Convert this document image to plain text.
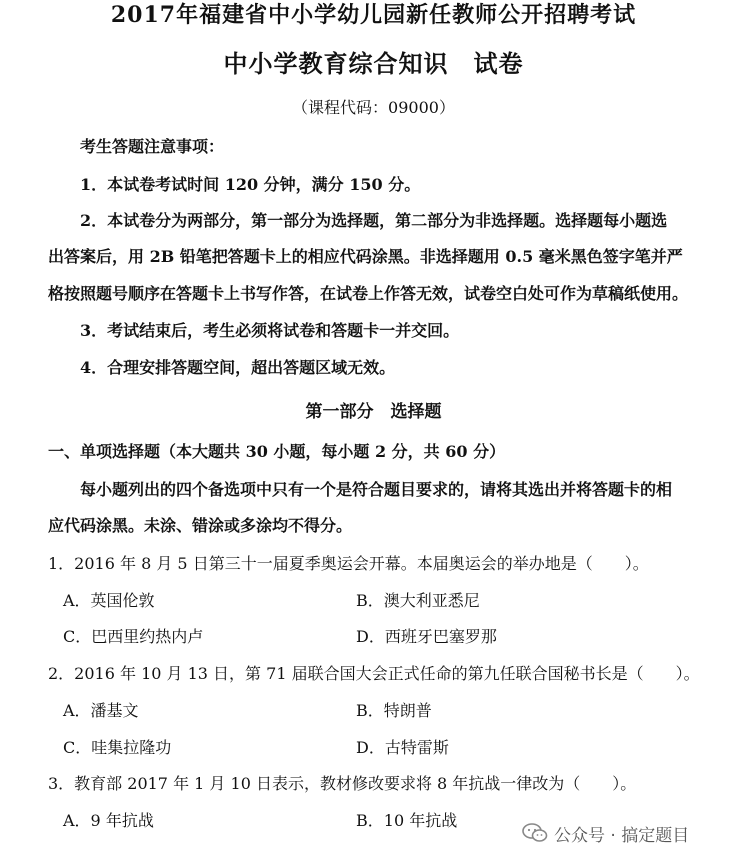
2017年福建省中小学幼儿园新任教师公开招聘考试
中小学教育综合知识　试卷
（课程代码：09000）
考生答题注意事项：
1．本试卷考试时间 120 分钟，满分 150 分。
2．本试卷分为两部分，第一部分为选择题，第二部分为非选择题。选择题每小题选
出答案后，用 2B 铅笔把答题卡上的相应代码涂黑。非选择题用 0.5 毫米黑色签字笔并严
格按照题号顺序在答题卡上书写作答，在试卷上作答无效，试卷空白处可作为草稿纸使用。
3．考试结束后，考生必须将试卷和答题卡一并交回。
4．合理安排答题空间，超出答题区域无效。
第一部分　选择题
一、单项选择题（本大题共 30 小题，每小题 2 分，共 60 分）
每小题列出的四个备选项中只有一个是符合题目要求的，请将其选出并将答题卡的相
应代码涂黑。未涂、错涂或多涂均不得分。
1．2016 年 8 月 5 日第三十一届夏季奥运会开幕。本届奥运会的举办地是（　　）。
A．英国伦敦	B．澳大利亚悉尼
C．巴西里约热内卢	D．西班牙巴塞罗那
2．2016 年 10 月 13 日，第 71 届联合国大会正式任命的第九任联合国秘书长是（　　）。
A．潘基文	B．特朗普
C．哇集拉隆功	D．古特雷斯
3．教育部 2017 年 1 月 10 日表示，教材修改要求将 8 年抗战一律改为（　　）。
A．9 年抗战	B．10 年抗战
公众号 · 搞定题目
